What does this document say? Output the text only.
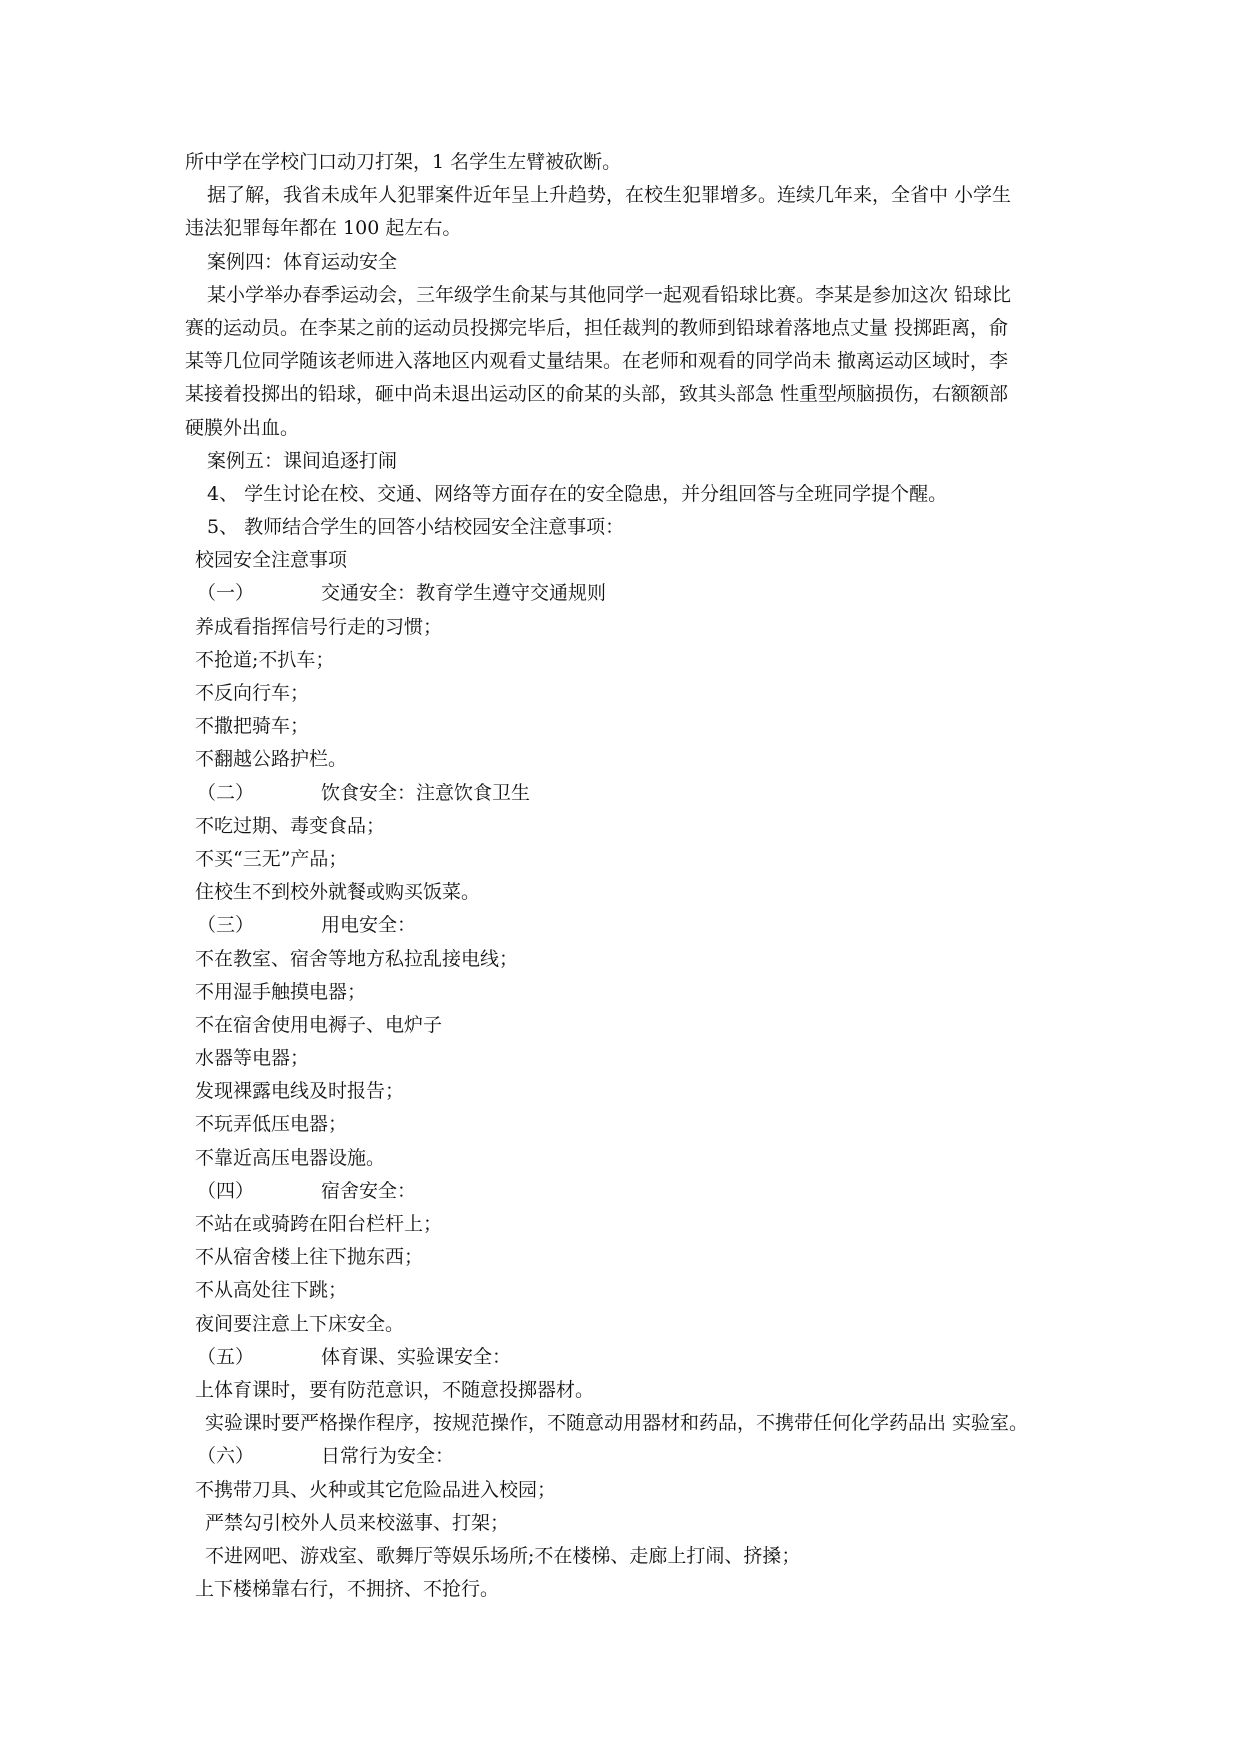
所中学在学校门口动刀打架，1 名学生左臂被砍断。
据了解，我省未成年人犯罪案件近年呈上升趋势，在校生犯罪增多。连续几年来，全省中 小学生
违法犯罪每年都在 100 起左右。
案例四：体育运动安全
某小学举办春季运动会，三年级学生俞某与其他同学一起观看铅球比赛。李某是参加这次 铅球比
赛的运动员。在李某之前的运动员投掷完毕后，担任裁判的教师到铅球着落地点丈量 投掷距离，俞
某等几位同学随该老师进入落地区内观看丈量结果。在老师和观看的同学尚未 撤离运动区域时，李
某接着投掷出的铅球，砸中尚未退出运动区的俞某的头部，致其头部急 性重型颅脑损伤，右额额部
硬膜外出血。
案例五：课间追逐打闹
4、 学生讨论在校、交通、网络等方面存在的安全隐患，并分组回答与全班同学提个醒。
5、 教师结合学生的回答小结校园安全注意事项：
校园安全注意事项
（一）	交通安全：教育学生遵守交通规则
养成看指挥信号行走的习惯；
不抢道;不扒车；
不反向行车；
不撒把骑车；
不翻越公路护栏。
（二）	饮食安全：注意饮食卫生
不吃过期、毒变食品；
不买“三无”产品；
住校生不到校外就餐或购买饭菜。
（三）	用电安全：
不在教室、宿舍等地方私拉乱接电线；
不用湿手触摸电器；
不在宿舍使用电褥子、电炉子
水器等电器；
发现裸露电线及时报告；
不玩弄低压电器；
不靠近高压电器设施。
（四）	宿舍安全：
不站在或骑跨在阳台栏杆上；
不从宿舍楼上往下抛东西；
不从高处往下跳；
夜间要注意上下床安全。
（五）	体育课、实验课安全：
上体育课时，要有防范意识，不随意投掷器材。
实验课时要严格操作程序，按规范操作，不随意动用器材和药品，不携带任何化学药品出 实验室。
（六）	日常行为安全：
不携带刀具、火种或其它危险品进入校园；
严禁勾引校外人员来校滋事、打架；
不进网吧、游戏室、歌舞厅等娱乐场所;不在楼梯、走廊上打闹、挤搡；
上下楼梯靠右行，不拥挤、不抢行。
